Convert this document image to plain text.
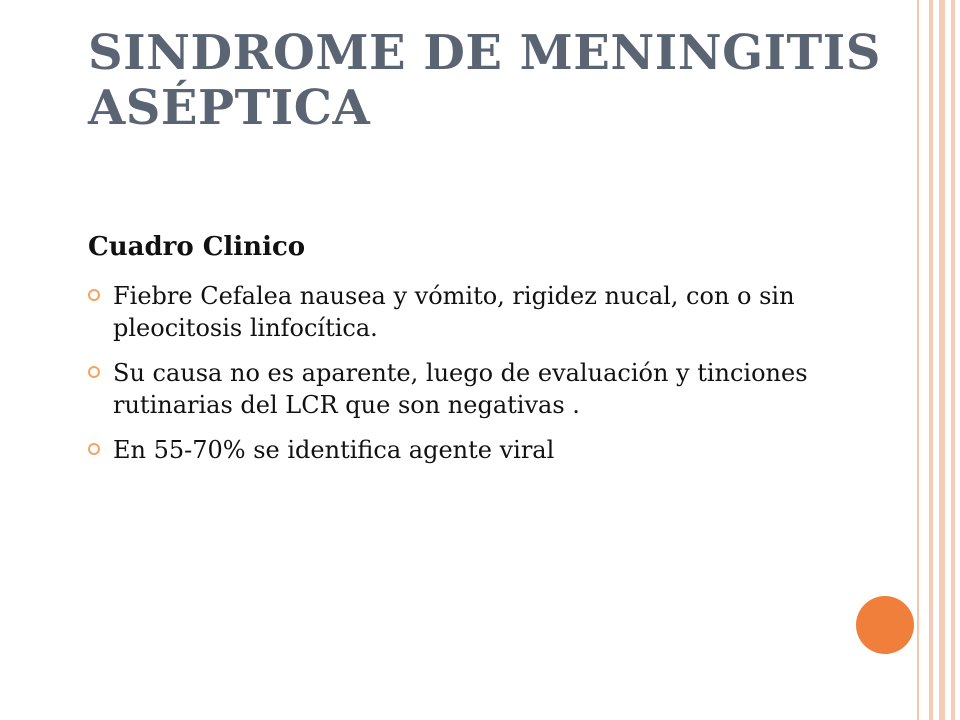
SINDROME DE MENINGITIS ASÉPTICA
Cuadro Clinico
Fiebre Cefalea nausea y vómito, rigidez nucal, con o sin pleocitosis linfocítica.
Su causa no es aparente, luego de evaluación y tinciones rutinarias del LCR que son negativas .
En 55-70% se identifica agente viral
